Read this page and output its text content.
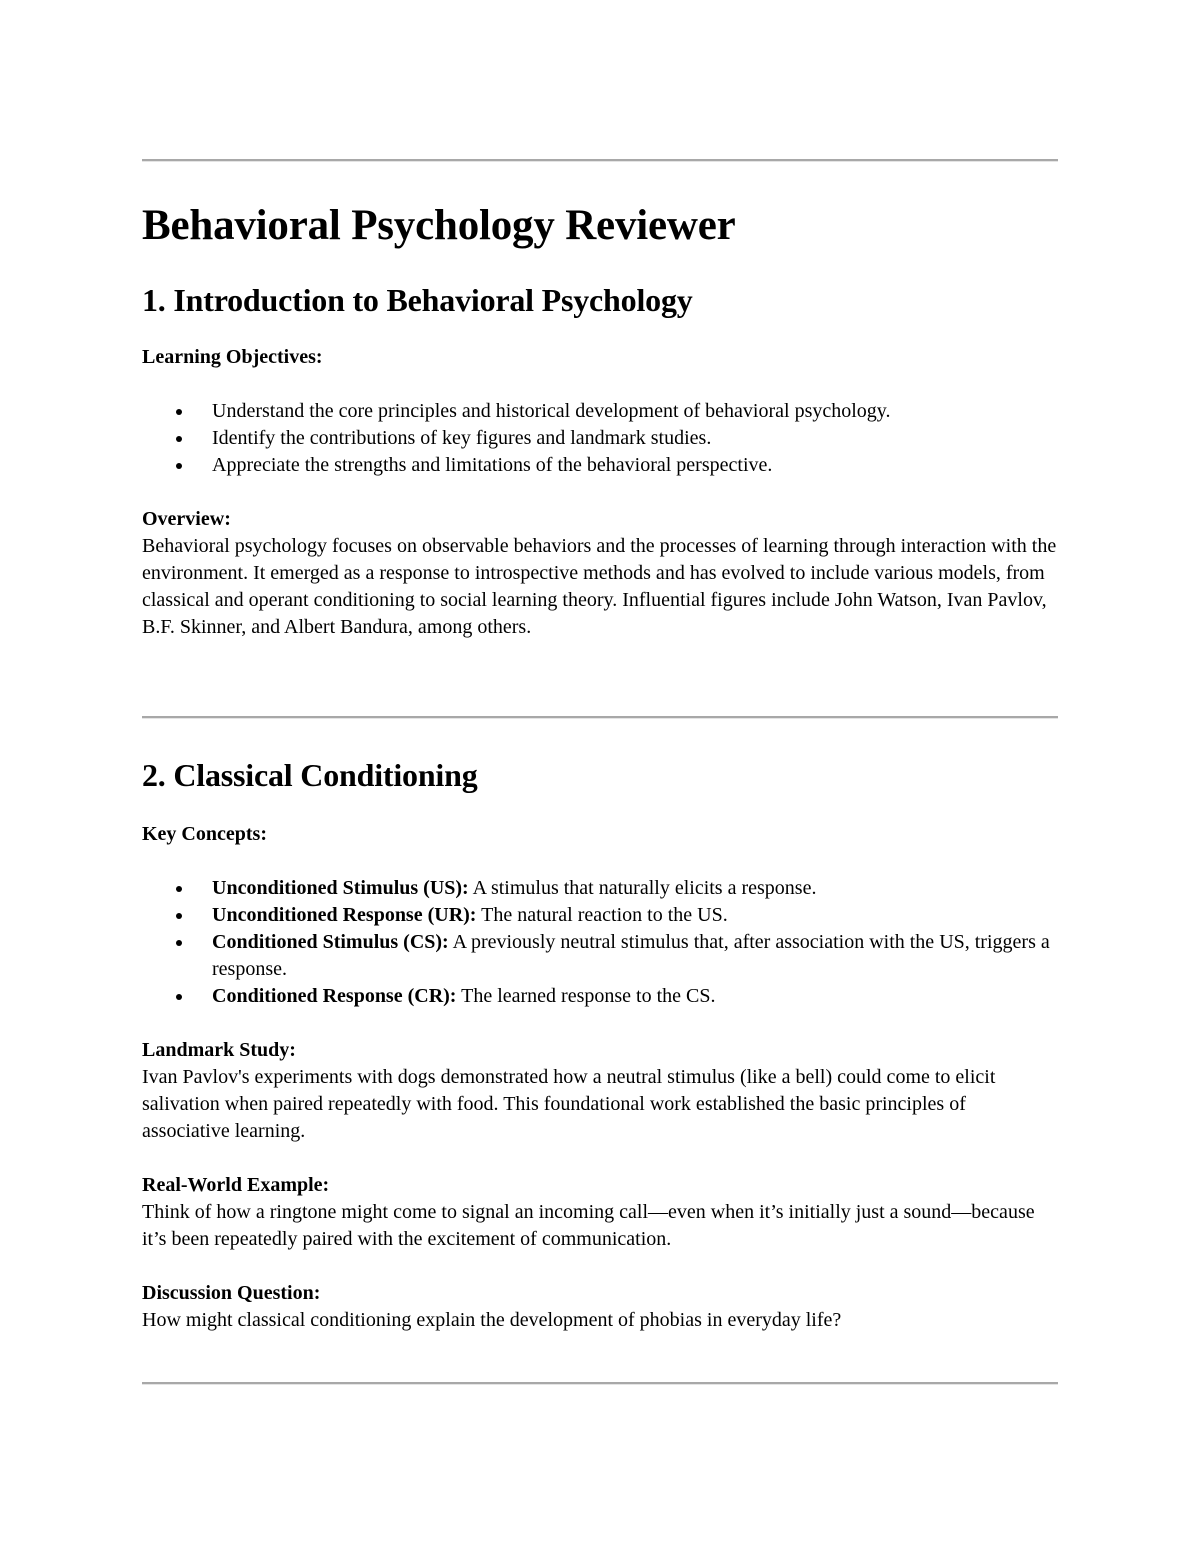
Behavioral Psychology Reviewer
1. Introduction to Behavioral Psychology
Learning Objectives:
Understand the core principles and historical development of behavioral psychology.
Identify the contributions of key figures and landmark studies.
Appreciate the strengths and limitations of the behavioral perspective.
Overview:
Behavioral psychology focuses on observable behaviors and the processes of learning through interaction with the environment. It emerged as a response to introspective methods and has evolved to include various models, from classical and operant conditioning to social learning theory. Influential figures include John Watson, Ivan Pavlov, B.F. Skinner, and Albert Bandura, among others.
2. Classical Conditioning
Key Concepts:
Unconditioned Stimulus (US): A stimulus that naturally elicits a response.
Unconditioned Response (UR): The natural reaction to the US.
Conditioned Stimulus (CS): A previously neutral stimulus that, after association with the US, triggers a response.
Conditioned Response (CR): The learned response to the CS.
Landmark Study:
Ivan Pavlov's experiments with dogs demonstrated how a neutral stimulus (like a bell) could come to elicit salivation when paired repeatedly with food. This foundational work established the basic principles of associative learning.
Real-World Example:
Think of how a ringtone might come to signal an incoming call—even when it’s initially just a sound—because it’s been repeatedly paired with the excitement of communication.
Discussion Question:
How might classical conditioning explain the development of phobias in everyday life?
